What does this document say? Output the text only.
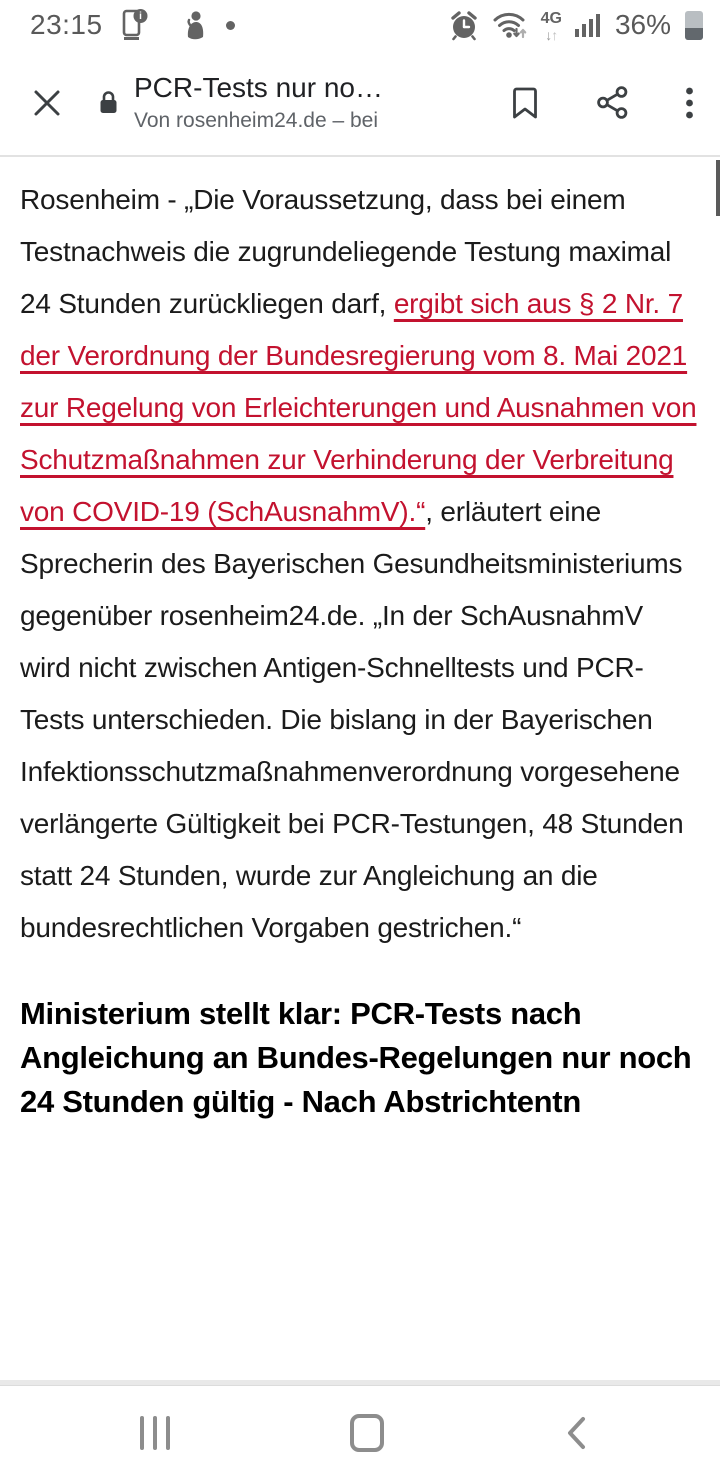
23:15	i	4G
↓↑ 36%
PCR-Tests nur no…
Von rosenheim24.de – bei

Rosenheim - „Die Voraussetzung, dass bei einem Testnachweis die zugrundeliegende Testung maximal 24 Stunden zurückliegen darf, ergibt sich aus § 2 Nr. 7 der Verordnung der Bundesregierung vom 8. Mai 2021 zur Regelung von Erleichterungen und Ausnahmen von Schutzmaßnahmen zur Verhinderung der Verbreitung von COVID-19 (SchAusnahmV).“, erläutert eine Sprecherin des Bayerischen Gesundheitsministeriums gegenüber rosenheim24.de. „In der SchAusnahmV wird nicht zwischen Antigen-Schnelltests und PCR-Tests unterschieden. Die bislang in der Bayerischen Infektionsschutzmaßnahmenverordnung vorgesehene verlängerte Gültigkeit bei PCR-Testungen, 48 Stunden statt 24 Stunden, wurde zur Angleichung an die bundesrechtlichen Vorgaben gestrichen.“

Ministerium stellt klar: PCR-Tests nach Angleichung an Bundes-Regelungen nur noch 24 Stunden gültig - Nach Abstrichtentn
